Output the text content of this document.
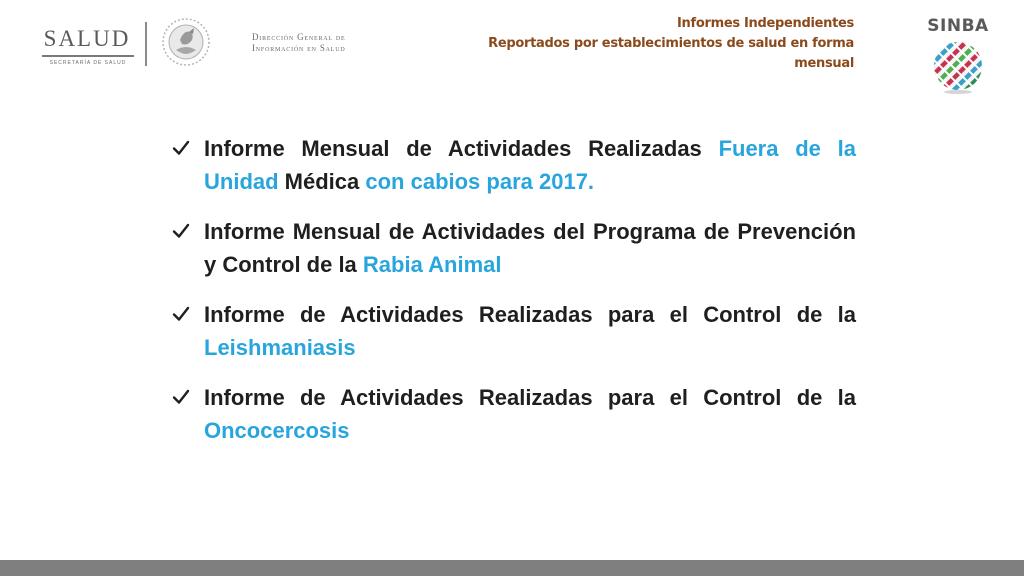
SALUD
SECRETARÍA DE SALUD
Dirección General de
Información en Salud
Informes Independientes
Reportados por establecimientos de salud en forma
mensual
SINBA
Informe Mensual de Actividades Realizadas Fuera de la Unidad Médica con cabios para 2017.
Informe Mensual de Actividades del Programa de Prevención y Control de la Rabia Animal
Informe de Actividades Realizadas para el Control de la Leishmaniasis
Informe de Actividades Realizadas para el Control de la Oncocercosis
